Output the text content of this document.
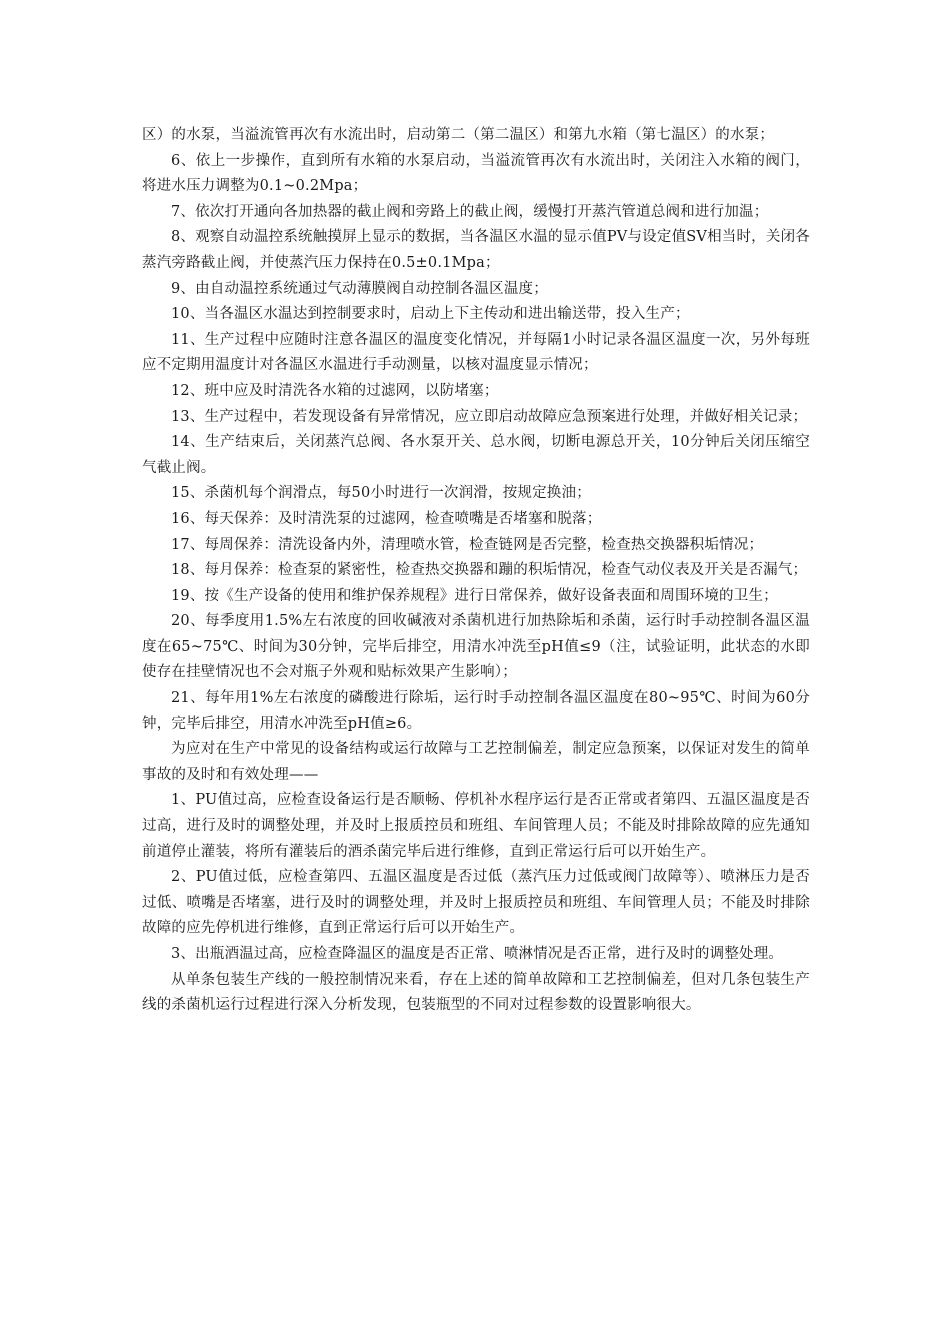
区）的水泵，当溢流管再次有水流出时，启动第二（第二温区）和第九水箱（第七温区）的水泵；

6、依上一步操作，直到所有水箱的水泵启动，当溢流管再次有水流出时，关闭注入水箱的阀门，将进水压力调整为0.1~0.2Mpa；

7、依次打开通向各加热器的截止阀和旁路上的截止阀，缓慢打开蒸汽管道总阀和进行加温；

8、观察自动温控系统触摸屏上显示的数据，当各温区水温的显示值PV与设定值SV相当时，关闭各蒸汽旁路截止阀，并使蒸汽压力保持在0.5±0.1Mpa；

9、由自动温控系统通过气动薄膜阀自动控制各温区温度；

10、当各温区水温达到控制要求时，启动上下主传动和进出输送带，投入生产；

11、生产过程中应随时注意各温区的温度变化情况，并每隔1小时记录各温区温度一次，另外每班应不定期用温度计对各温区水温进行手动测量，以核对温度显示情况；

12、班中应及时清洗各水箱的过滤网，以防堵塞；

13、生产过程中，若发现设备有异常情况，应立即启动故障应急预案进行处理，并做好相关记录；

14、生产结束后，关闭蒸汽总阀、各水泵开关、总水阀，切断电源总开关，10分钟后关闭压缩空气截止阀。

15、杀菌机每个润滑点，每50小时进行一次润滑，按规定换油；

16、每天保养：及时清洗泵的过滤网，检查喷嘴是否堵塞和脱落；

17、每周保养：清洗设备内外，清理喷水管，检查链网是否完整，检查热交换器积垢情况；

18、每月保养：检查泵的紧密性，检查热交换器和蹦的积垢情况，检查气动仪表及开关是否漏气；

19、按《生产设备的使用和维护保养规程》进行日常保养，做好设备表面和周围环境的卫生；

20、每季度用1.5%左右浓度的回收碱液对杀菌机进行加热除垢和杀菌，运行时手动控制各温区温度在65~75℃、时间为30分钟，完毕后排空，用清水冲洗至pH值≤9（注，试验证明，此状态的水即使存在挂壁情况也不会对瓶子外观和贴标效果产生影响）；

21、每年用1%左右浓度的磷酸进行除垢，运行时手动控制各温区温度在80~95℃、时间为60分钟，完毕后排空，用清水冲洗至pH值≥6。

为应对在生产中常见的设备结构或运行故障与工艺控制偏差，制定应急预案，以保证对发生的简单事故的及时和有效处理——

1、PU值过高，应检查设备运行是否顺畅、停机补水程序运行是否正常或者第四、五温区温度是否过高，进行及时的调整处理，并及时上报质控员和班组、车间管理人员；不能及时排除故障的应先通知前道停止灌装，将所有灌装后的酒杀菌完毕后进行维修，直到正常运行后可以开始生产。

2、PU值过低，应检查第四、五温区温度是否过低（蒸汽压力过低或阀门故障等）、喷淋压力是否过低、喷嘴是否堵塞，进行及时的调整处理，并及时上报质控员和班组、车间管理人员；不能及时排除故障的应先停机进行维修，直到正常运行后可以开始生产。

3、出瓶酒温过高，应检查降温区的温度是否正常、喷淋情况是否正常，进行及时的调整处理。

从单条包装生产线的一般控制情况来看，存在上述的简单故障和工艺控制偏差，但对几条包装生产线的杀菌机运行过程进行深入分析发现，包装瓶型的不同对过程参数的设置影响很大。
